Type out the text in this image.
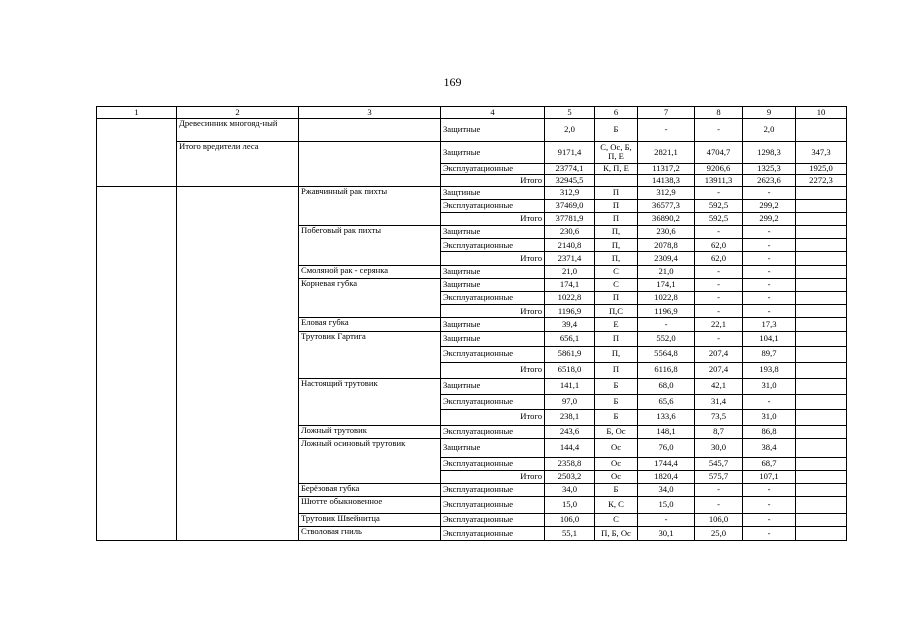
169
1	2	3	4	5	6	7	8	9	10
	Древесинник многояд-ный		Защитные	2,0	Б	-	-	2,0	
	Итого вредители леса		Защитные	9171,4	С, Ос, Б, П, Е	2821,1	4704,7	1298,3	347,3
			Эксплуатационные	23774,1	К, П, Е	11317,2	9206,6	1325,3	1925,0
			Итого	32945,5		14138,3	13911,3	2623,6	2272,3
		Ржавчинный рак пихты	Защтиные	312,9	П	312,9	-	-	
			Эксплуатационные	37469,0	П	36577,3	592,5	299,2	
			Итого	37781,9	П	36890,2	592,5	299,2	
		Побеговый рак пихты	Защитные	230,6	П,	230,6	-	-	
			Эксплуатационные	2140,8	П,	2078,8	62,0	-	
			Итого	2371,4	П,	2309,4	62,0	-	
		Смоляной рак - серянка	Защитные	21,0	С	21,0	-	-	
		Корневая губка	Защитные	174,1	С	174,1	-	-	
			Эксплуатационные	1022,8	П	1022,8	-	-	
			Итого	1196,9	П,С	1196,9	-	-	
		Еловая губка	Защитные	39,4	Е	-	22,1	17,3	
		Трутовик Гартига	Защитные	656,1	П	552,0	-	104,1	
			Эксплуатационные	5861,9	П,	5564,8	207,4	89,7	
			Итого	6518,0	П	6116,8	207,4	193,8	
		Настоящий трутовик	Защитные	141,1	Б	68,0	42,1	31,0	
			Эксплуатационные	97,0	Б	65,6	31,4	-	
			Итого	238,1	Б	133,6	73,5	31,0	
		Ложный трутовик	Эксплуатационные	243,6	Б, Ос	148,1	8,7	86,8	
		Ложный осиновый трутовик	Защитные	144,4	Ос	76,0	30,0	38,4	
			Эксплуатационные	2358,8	Ос	1744,4	545,7	68,7	
			Итого	2503,2	Ос	1820,4	575,7	107,1	
		Берёзовая губка	Эксплуатационные	34,0	Б	34,0	-	-	
		Шютте обыкновенное	Эксплуатационные	15,0	К, С	15,0	-	-	
		Трутовик Швейнитца	Эксплуатационные	106,0	С	-	106,0	-	
		Стволовая гниль	Эксплуатационные	55,1	П, Б, Ос	30,1	25,0	-	
